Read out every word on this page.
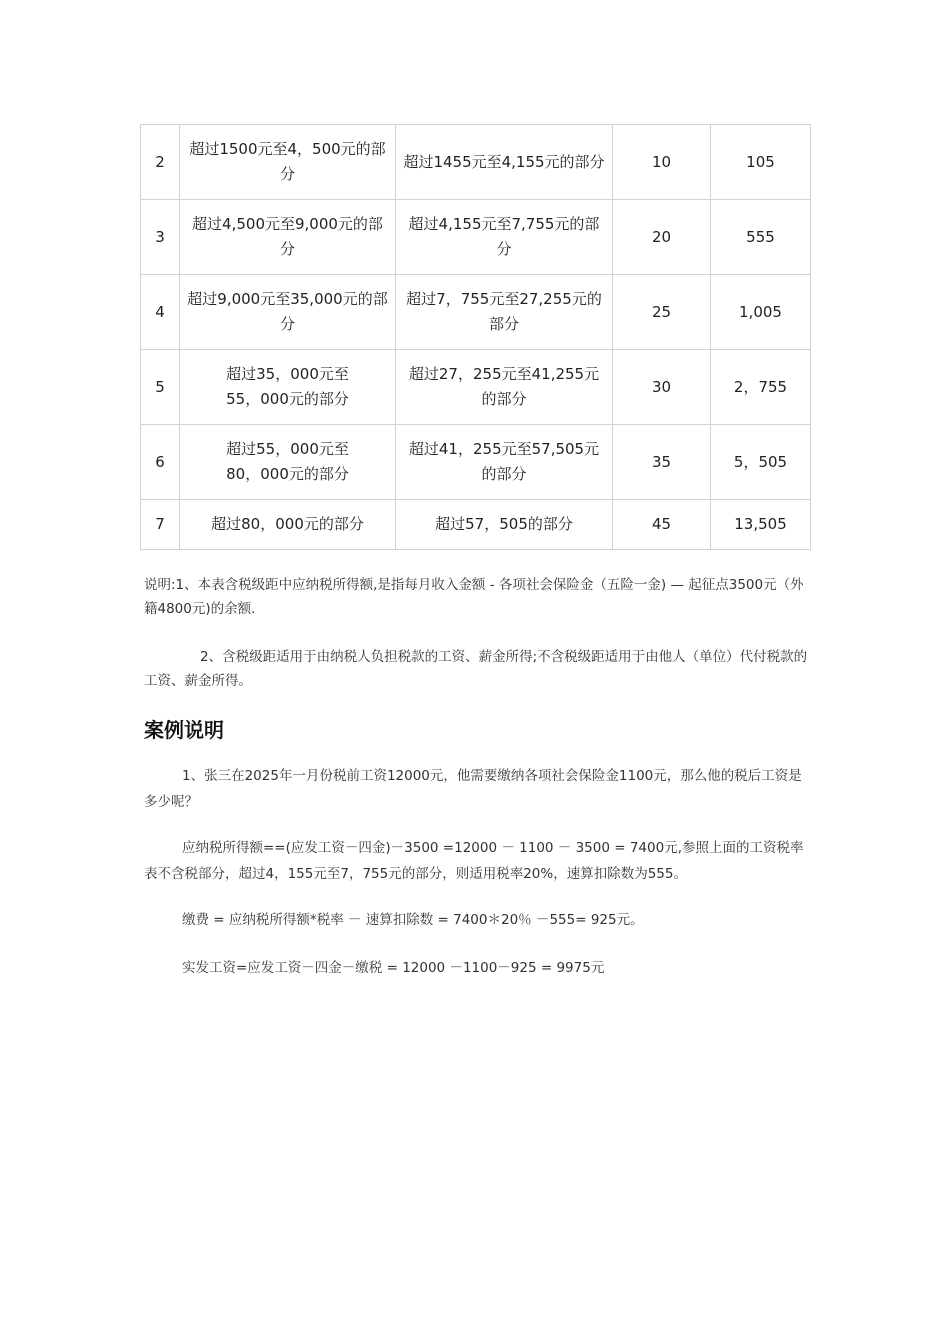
2	超过1500元至4，500元的部分	超过1455元至4,155元的部分	10	105
3	超过4,500元至9,000元的部分	超过4,155元至7,755元的部分	20	555
4	超过9,000元至35,000元的部分	超过7，755元至27,255元的部分	25	1,005
5	超过35，000元至55，000元的部分	超过27，255元至41,255元的部分	30	2，755
6	超过55，000元至80，000元的部分	超过41，255元至57,505元的部分	35	5，505
7	超过80，000元的部分	超过57，505的部分	45	13,505
说明:1、本表含税级距中应纳税所得额,是指每月收入金额 - 各项社会保险金（五险一金) — 起征点3500元（外籍4800元)的余额.
2、含税级距适用于由纳税人负担税款的工资、薪金所得;不含税级距适用于由他人（单位）代付税款的工资、薪金所得。
案例说明
1、张三在2025年一月份税前工资12000元，他需要缴纳各项社会保险金1100元，那么他的税后工资是多少呢？
应纳税所得额==(应发工资－四金)－3500 =12000 － 1100 － 3500 = 7400元,参照上面的工资税率表不含税部分，超过4，155元至7，755元的部分，则适用税率20%，速算扣除数为555。
缴费 = 应纳税所得额*税率 － 速算扣除数 = 7400＊20％ －555= 925元。
实发工资=应发工资－四金－缴税 = 12000 －1100－925 = 9975元
